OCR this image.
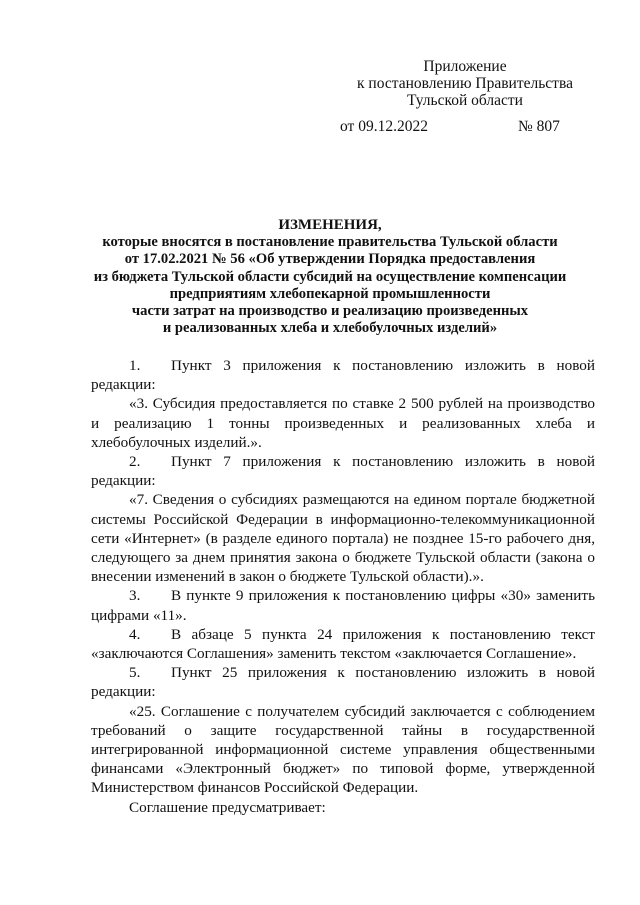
Приложение
к постановлению Правительства
Тульской области
от 09.12.2022	№ 807
ИЗМЕНЕНИЯ,
которые вносятся в постановление правительства Тульской области
от 17.02.2021 № 56 «Об утверждении Порядка предоставления
из бюджета Тульской области субсидий на осуществление компенсации
предприятиям хлебопекарной промышленности
части затрат на производство и реализацию произведенных
и реализованных хлеба и хлебобулочных изделий»

1. Пункт 3 приложения к постановлению изложить в новой редакции:

«3. Субсидия предоставляется по ставке 2 500 рублей на производство и реализацию 1 тонны произведенных и реализованных хлеба и хлебобулочных изделий.».

2. Пункт 7 приложения к постановлению изложить в новой редакции:

«7. Сведения о субсидиях размещаются на едином портале бюджетной системы Российской Федерации в информационно-телекоммуникационной сети «Интернет» (в разделе единого портала) не позднее 15-го рабочего дня, следующего за днем принятия закона о бюджете Тульской области (закона о внесении изменений в закон о бюджете Тульской области).».

3. В пункте 9 приложения к постановлению цифры «30» заменить цифрами «11».

4. В абзаце 5 пункта 24 приложения к постановлению текст «заключаются Соглашения» заменить текстом «заключается Соглашение».

5. Пункт 25 приложения к постановлению изложить в новой редакции:

«25. Соглашение с получателем субсидий заключается с соблюдением требований о защите государственной тайны в государственной интегрированной информационной системе управления общественными финансами «Электронный бюджет» по типовой форме, утвержденной Министерством финансов Российской Федерации.

Соглашение предусматривает:
